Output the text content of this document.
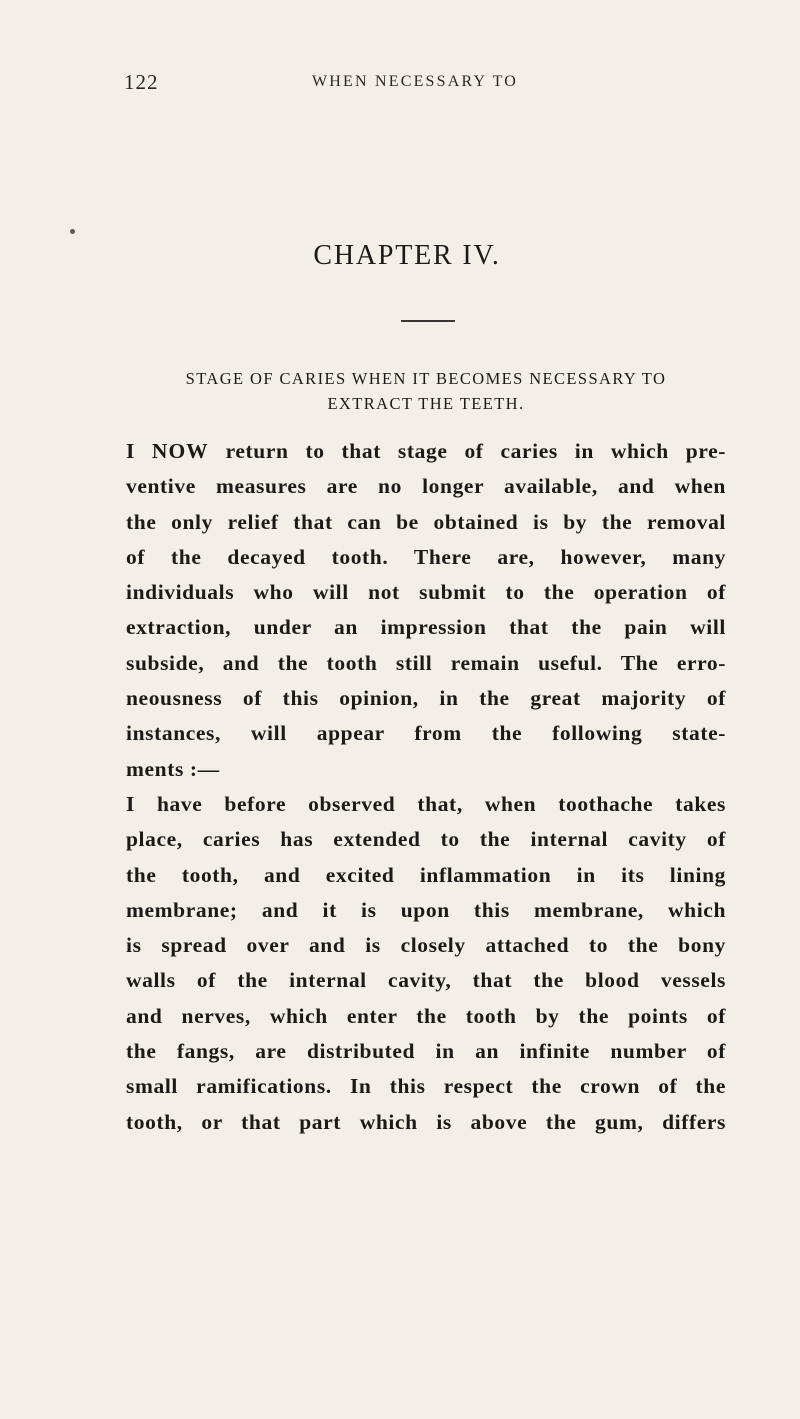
122	WHEN NECESSARY TO
CHAPTER IV.
STAGE OF CARIES WHEN IT BECOMES NECESSARY TO
EXTRACT THE TEETH.
I NOW return to that stage of caries in which pre-
ventive measures are no longer available, and when
the only relief that can be obtained is by the removal
of the decayed tooth. There are, however, many
individuals who will not submit to the operation of
extraction, under an impression that the pain will
subside, and the tooth still remain useful. The erro-
neousness of this opinion, in the great majority of
instances, will appear from the following state-
ments :—
I have before observed that, when toothache takes
place, caries has extended to the internal cavity of
the tooth, and excited inflammation in its lining
membrane; and it is upon this membrane, which
is spread over and is closely attached to the bony
walls of the internal cavity, that the blood vessels
and nerves, which enter the tooth by the points of
the fangs, are distributed in an infinite number of
small ramifications. In this respect the crown of the
tooth, or that part which is above the gum, differs
